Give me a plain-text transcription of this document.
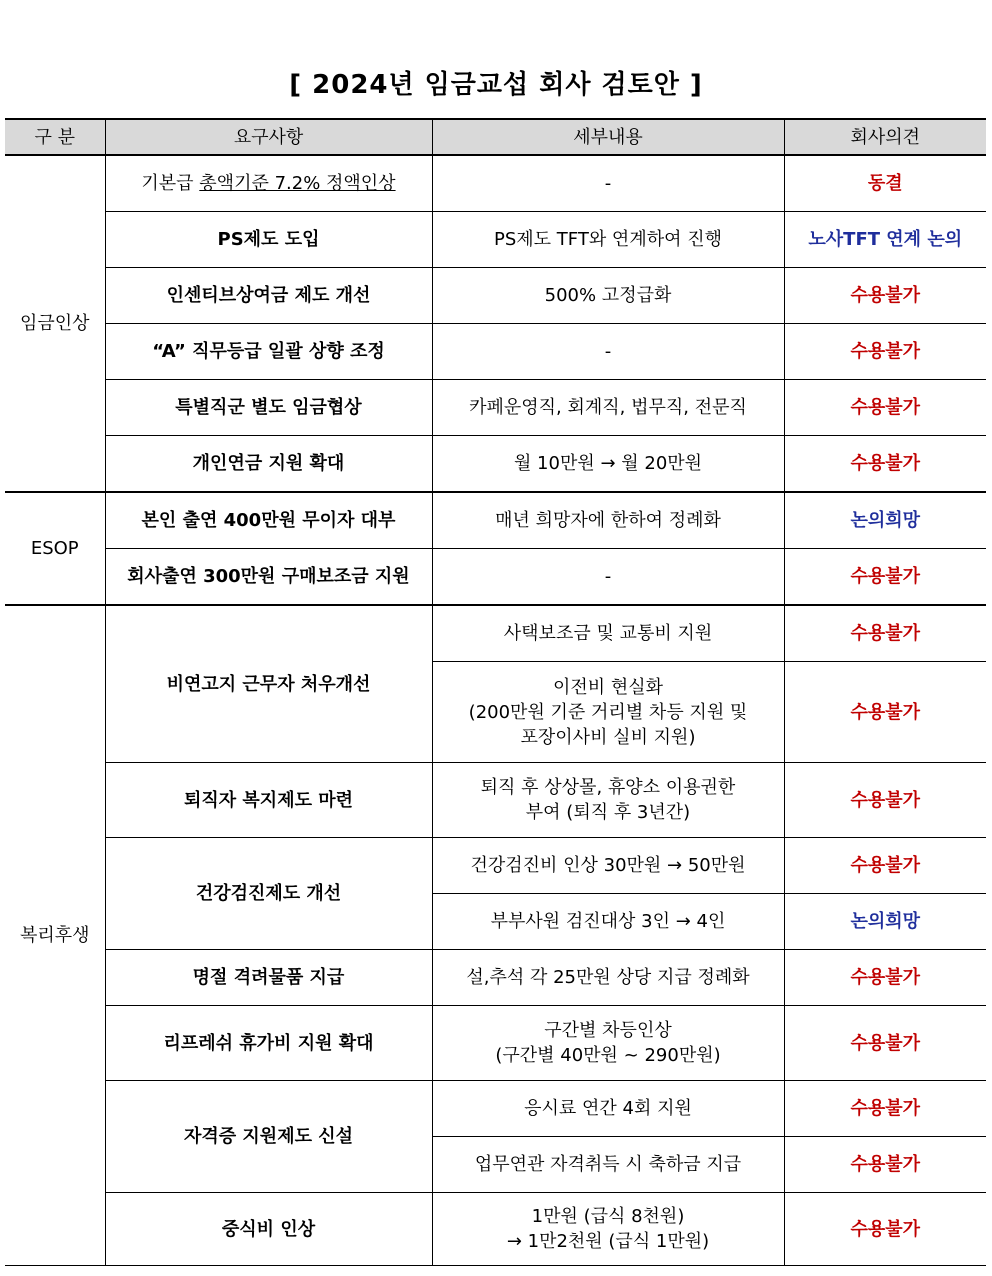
[ 2024년 임금교섭 회사 검토안 ]
구 분	요구사항	세부내용	회사의견
임금인상	기본급 총액기준 7.2% 정액인상	-	동결
	PS제도 도입	PS제도 TFT와 연계하여 진행	노사TFT 연계 논의
	인센티브상여금 제도 개선	500% 고정급화	수용불가
	“A” 직무등급 일괄 상향 조정	-	수용불가
	특별직군 별도 임금협상	카페운영직, 회계직, 법무직, 전문직	수용불가
	개인연금 지원 확대	월 10만원 → 월 20만원	수용불가
ESOP	본인 출연 400만원 무이자 대부	매년 희망자에 한하여 정례화	논의희망
	회사출연 300만원 구매보조금 지원	-	수용불가
복리후생	비연고지 근무자 처우개선	사택보조금 및 교통비 지원	수용불가

		이전비 현실화
(200만원 기준 거리별 차등 지원 및
포장이사비 실비 지원)	수용불가
	퇴직자 복지제도 마련	퇴직 후 상상몰, 휴양소 이용권한
부여 (퇴직 후 3년간)	수용불가
	건강검진제도 개선	건강검진비 인상 30만원 → 50만원	수용불가
		부부사원 검진대상 3인 → 4인	논의희망
	명절 격려물품 지급	설,추석 각 25만원 상당 지급 정례화	수용불가
	리프레쉬 휴가비 지원 확대	구간별 차등인상
(구간별 40만원 ~ 290만원)	수용불가
	자격증 지원제도 신설	응시료 연간 4회 지원	수용불가
		업무연관 자격취득 시 축하금 지급	수용불가
	중식비 인상	1만원 (급식 8천원)
→ 1만2천원 (급식 1만원)	수용불가
